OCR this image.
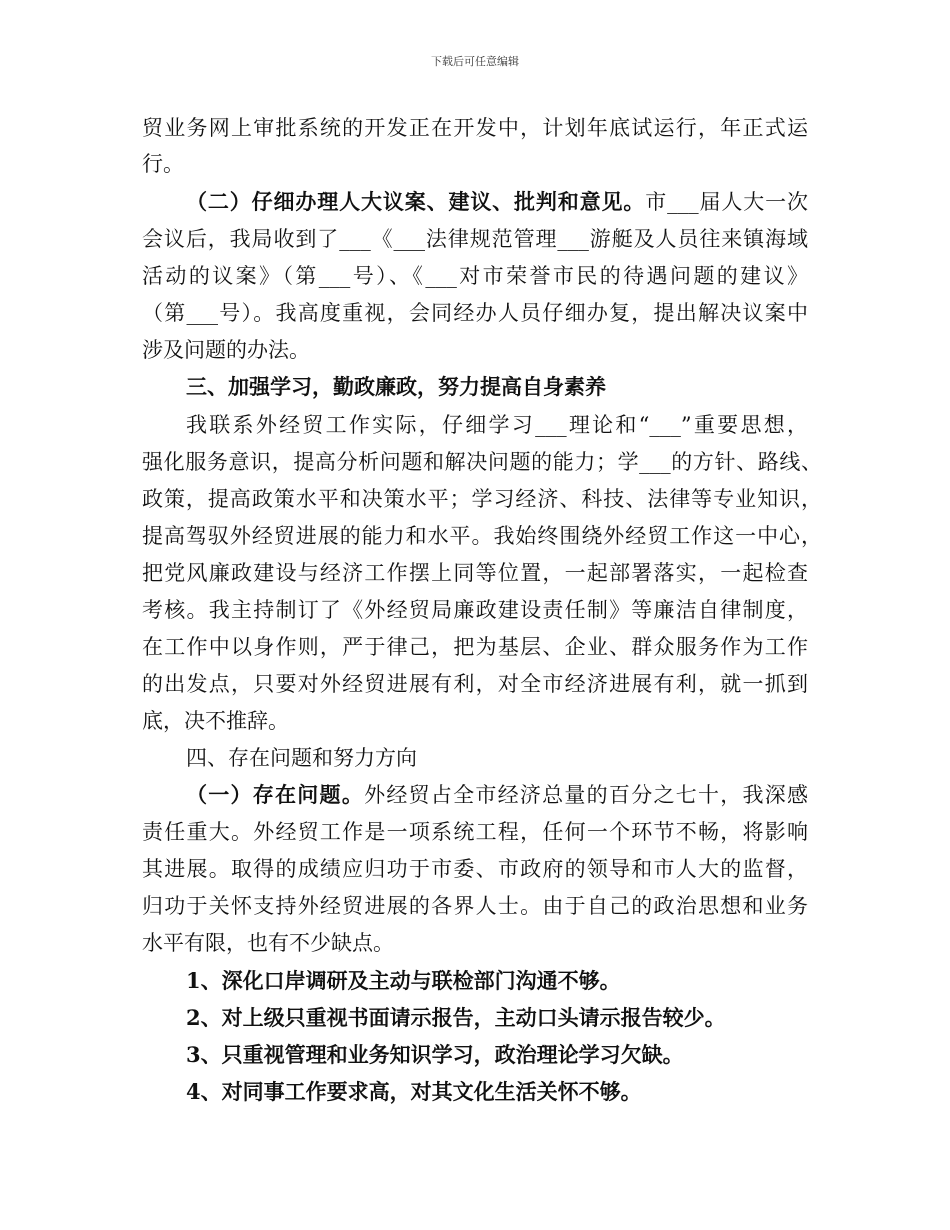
下载后可任意编辑
贸业务网上审批系统的开发正在开发中，计划年底试运行，年正式运
行。
（二）仔细办理人大议案、建议、批判和意见。市___届人大一次
会议后，我局收到了___《___法律规范管理___游艇及人员往来镇海域
活动的议案》（第___号）、《___对市荣誉市民的待遇问题的建议》
（第___号）。我高度重视，会同经办人员仔细办复，提出解决议案中
涉及问题的办法。
三、加强学习，勤政廉政，努力提高自身素养
我联系外经贸工作实际，仔细学习___理论和“___”重要思想，
强化服务意识，提高分析问题和解决问题的能力；学___的方针、路线、
政策，提高政策水平和决策水平；学习经济、科技、法律等专业知识，
提高驾驭外经贸进展的能力和水平。我始终围绕外经贸工作这一中心，
把党风廉政建设与经济工作摆上同等位置，一起部署落实，一起检查
考核。我主持制订了《外经贸局廉政建设责任制》等廉洁自律制度，
在工作中以身作则，严于律己，把为基层、企业、群众服务作为工作
的出发点，只要对外经贸进展有利，对全市经济进展有利，就一抓到
底，决不推辞。
四、存在问题和努力方向
（一）存在问题。外经贸占全市经济总量的百分之七十，我深感
责任重大。外经贸工作是一项系统工程，任何一个环节不畅，将影响
其进展。取得的成绩应归功于市委、市政府的领导和市人大的监督，
归功于关怀支持外经贸进展的各界人士。由于自己的政治思想和业务
水平有限，也有不少缺点。
1、深化口岸调研及主动与联检部门沟通不够。
2、对上级只重视书面请示报告，主动口头请示报告较少。
3、只重视管理和业务知识学习，政治理论学习欠缺。
4、对同事工作要求高，对其文化生活关怀不够。
